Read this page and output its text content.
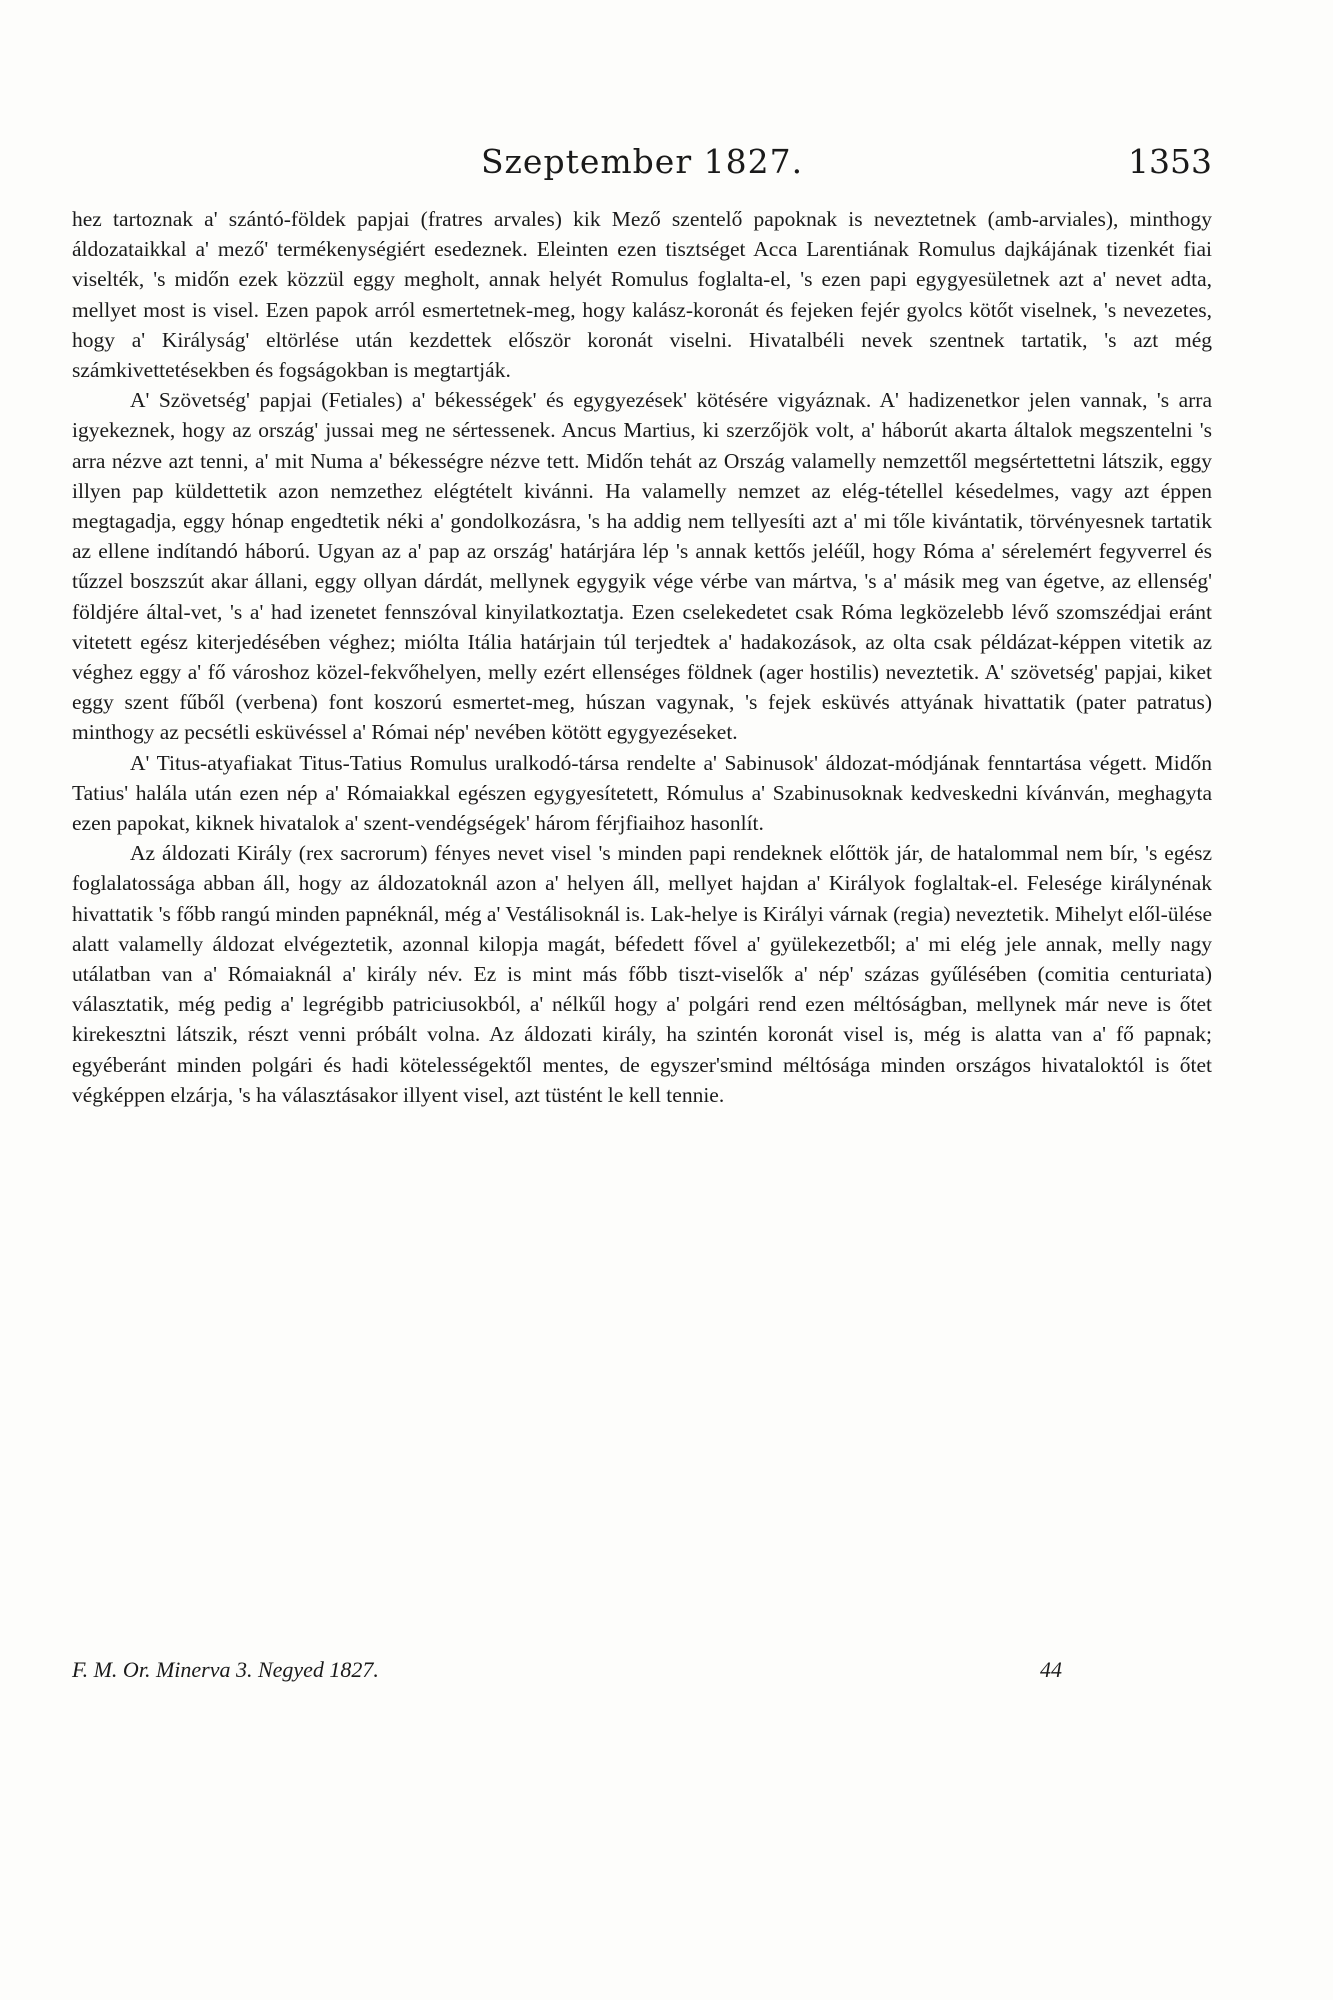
Szeptember 1827.	1353

hez tartoznak a' szántó-földek papjai (fratres arvales) kik Mező szentelő papoknak is neveztetnek (amb-arviales), minthogy áldozataikkal a' mező' termékenységiért esedeznek. Eleinten ezen tisztséget Acca Larentiának Romulus dajkájának tizenkét fiai viselték, 's midőn ezek közzül eggy megholt, annak helyét Romulus foglalta-el, 's ezen papi egygyesületnek azt a' nevet adta, mellyet most is visel. Ezen papok arról esmertetnek-meg, hogy kalász-koronát és fejeken fejér gyolcs kötőt viselnek, 's nevezetes, hogy a' Királyság' eltörlése után kezdettek először koronát viselni. Hivatalbéli nevek szentnek tartatik, 's azt még számkivettetésekben és fogságokban is megtartják.

A' Szövetség' papjai (Fetiales) a' békességek' és egygyezések' kötésére vigyáznak. A' hadizenetkor jelen vannak, 's arra igyekeznek, hogy az ország' jussai meg ne sértessenek. Ancus Martius, ki szerzőjök volt, a' háborút akarta általok megszentelni 's arra nézve azt tenni, a' mit Numa a' békességre nézve tett. Midőn tehát az Ország valamelly nemzettől megsértettetni látszik, eggy illyen pap küldettetik azon nemzethez elégtételt kivánni. Ha valamelly nemzet az elég-tétellel késedelmes, vagy azt éppen megtagadja, eggy hónap engedtetik néki a' gondolkozásra, 's ha addig nem tellyesíti azt a' mi tőle kivántatik, törvényesnek tartatik az ellene indítandó háború. Ugyan az a' pap az ország' határjára lép 's annak kettős jeléűl, hogy Róma a' sérelemért fegyverrel és tűzzel boszszút akar állani, eggy ollyan dárdát, mellynek egygyik vége vérbe van mártva, 's a' másik meg van égetve, az ellenség' földjére által-vet, 's a' had izenetet fennszóval kinyilatkoztatja. Ezen cselekedetet csak Róma legközelebb lévő szomszédjai eránt vitetett egész kiterjedésében véghez; miólta Itália határjain túl terjedtek a' hadakozások, az olta csak példázat-képpen vitetik az véghez eggy a' fő városhoz közel-fekvőhelyen, melly ezért ellenséges földnek (ager hostilis) neveztetik. A' szövetség' papjai, kiket eggy szent fűből (verbena) font koszorú esmertet-meg, húszan vagynak, 's fejek esküvés attyának hivattatik (pater patratus) minthogy az pecsétli esküvéssel a' Római nép' nevében kötött egygyezéseket.

A' Titus-atyafiakat Titus-Tatius Romulus uralkodó-társa rendelte a' Sabinusok' áldozat-módjának fenntartása végett. Midőn Tatius' halála után ezen nép a' Rómaiakkal egészen egygyesítetett, Rómulus a' Szabinusoknak kedveskedni kívánván, meghagyta ezen papokat, kiknek hivatalok a' szent-vendégségek' három férjfiaihoz hasonlít.

Az áldozati Király (rex sacrorum) fényes nevet visel 's minden papi rendeknek előttök jár, de hatalommal nem bír, 's egész foglalatossága abban áll, hogy az áldozatoknál azon a' helyen áll, mellyet hajdan a' Királyok foglaltak-el. Felesége királynénak hivattatik 's főbb rangú minden papnéknál, még a' Vestálisoknál is. Lak-helye is Királyi várnak (regia) neveztetik. Mihelyt elől-ülése alatt valamelly áldozat elvégeztetik, azonnal kilopja magát, béfedett fővel a' gyülekezetből; a' mi elég jele annak, melly nagy utálatban van a' Rómaiaknál a' király név. Ez is mint más főbb tiszt-viselők a' nép' százas gyűlésében (comitia centuriata) választatik, még pedig a' legrégibb patriciusokból, a' nélkűl hogy a' polgári rend ezen méltóságban, mellynek már neve is őtet kirekesztni látszik, részt venni próbált volna. Az áldozati király, ha szintén koronát visel is, még is alatta van a' fő papnak; egyéberánt minden polgári és hadi kötelességektől mentes, de egyszer'smind méltósága minden országos hivataloktól is őtet végképpen elzárja, 's ha választásakor illyent visel, azt tüstént le kell tennie.

F. M. Or. Minerva 3. Negyed 1827.	44
